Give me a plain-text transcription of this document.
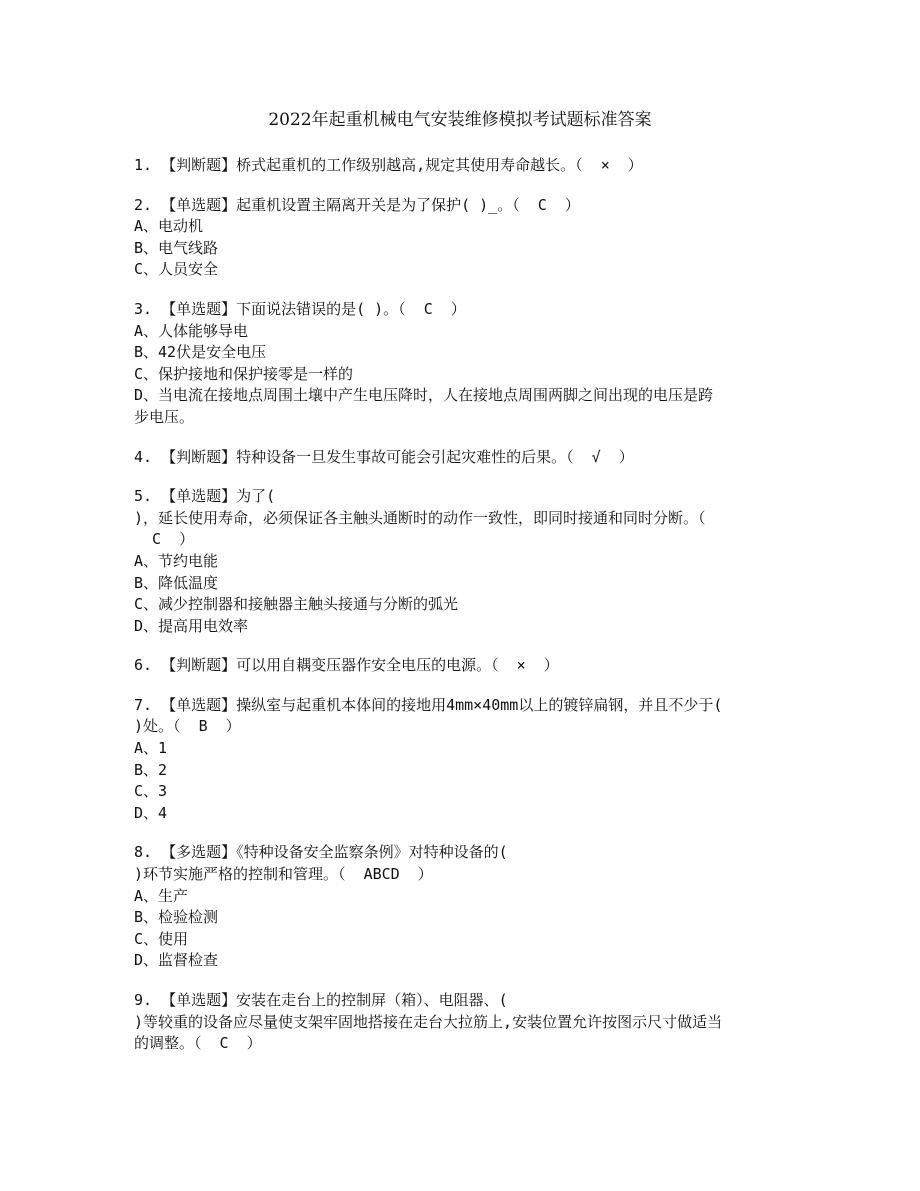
2022年起重机械电气安装维修模拟考试题标准答案
1. 【判断题】桥式起重机的工作级别越高,规定其使用寿命越长。（  ×  ）
2. 【单选题】起重机设置主隔离开关是为了保护( )_。（  C  ）
A、电动机
B、电气线路
C、人员安全
3. 【单选题】下面说法错误的是( )。（  C  ）
A、人体能够导电
B、42伏是安全电压
C、保护接地和保护接零是一样的
D、当电流在接地点周围土壤中产生电压降时，人在接地点周围两脚之间出现的电压是跨
步电压。
4. 【判断题】特种设备一旦发生事故可能会引起灾难性的后果。（  √  ）
5. 【单选题】为了(
)，延长使用寿命，必须保证各主触头通断时的动作一致性，即同时接通和同时分断。（
C  ）
A、节约电能
B、降低温度
C、减少控制器和接触器主触头接通与分断的弧光
D、提高用电效率
6. 【判断题】可以用自耦变压器作安全电压的电源。（  ×  ）
7. 【单选题】操纵室与起重机本体间的接地用4mm×40mm以上的镀锌扁钢，并且不少于(
)处。（  B  ）
A、1
B、2
C、3
D、4
8. 【多选题】《特种设备安全监察条例》对特种设备的(
)环节实施严格的控制和管理。（  ABCD  ）
A、生产
B、检验检测
C、使用
D、监督检查
9. 【单选题】安装在走台上的控制屏（箱）、电阻器、(
)等较重的设备应尽量使支架牢固地搭接在走台大拉筋上,安装位置允许按图示尺寸做适当
的调整。（  C  ）
